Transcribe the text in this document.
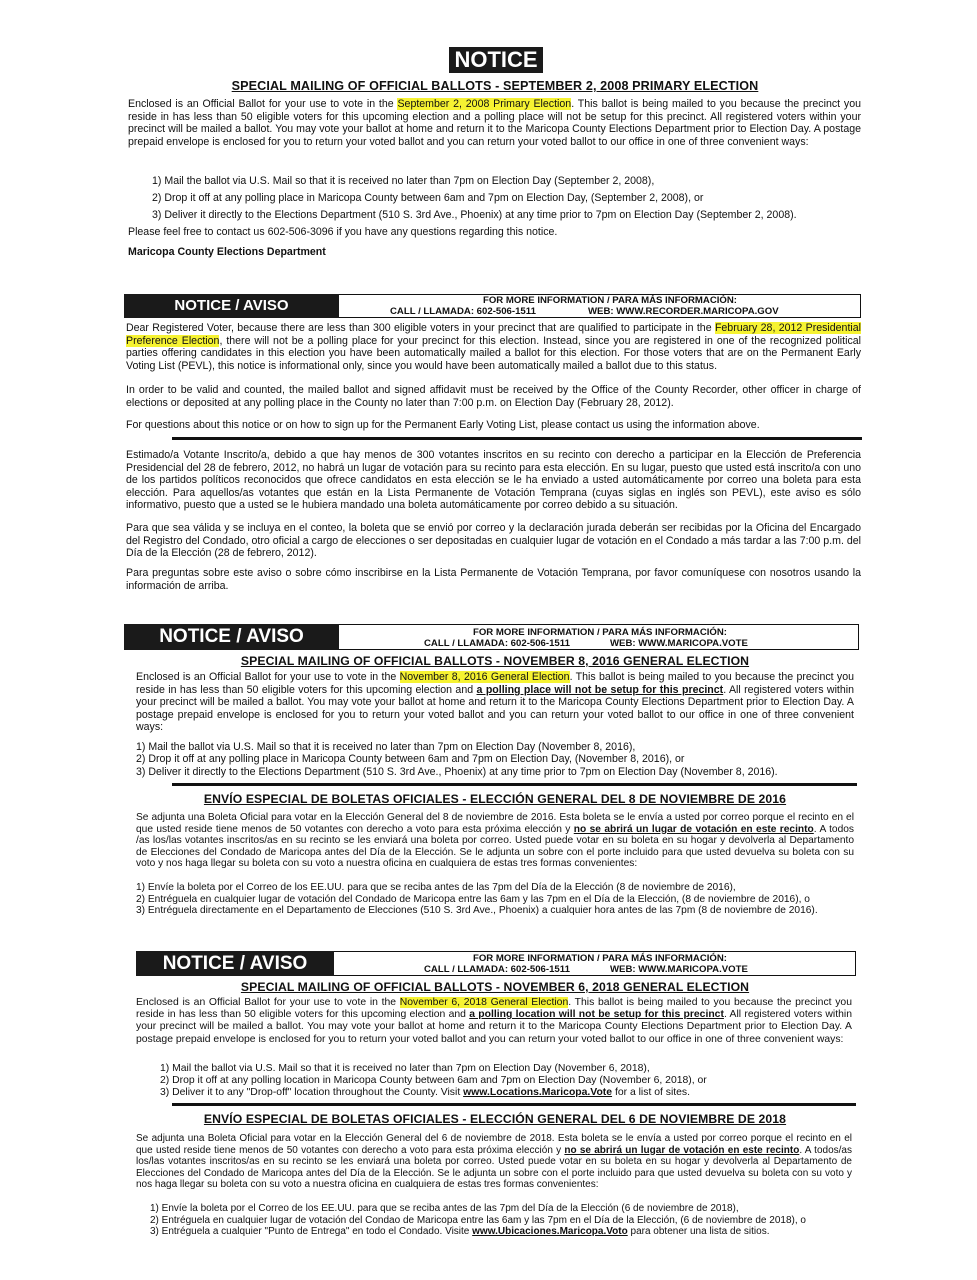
NOTICE
SPECIAL MAILING OF OFFICIAL BALLOTS - SEPTEMBER 2, 2008 PRIMARY ELECTION

Enclosed is an Official Ballot for your use to vote in the September 2, 2008 Primary Election. This ballot is being mailed to you because the precinct you reside in has less than 50 eligible voters for this upcoming election and a polling place will not be setup for this precinct. All registered voters within your precinct will be mailed a ballot. You may vote your ballot at home and return it to the Maricopa County Elections Department prior to Election Day. A postage prepaid envelope is enclosed for you to return your voted ballot and you can return your voted ballot to our office in one of three convenient ways:

1) Mail the ballot via U.S. Mail so that it is received no later than 7pm on Election Day (September 2, 2008),
2) Drop it off at any polling place in Maricopa County between 6am and 7pm on Election Day, (September 2, 2008), or
3) Deliver it directly to the Elections Department (510 S. 3rd Ave., Phoenix) at any time prior to 7pm on Election Day (September 2, 2008).

Please feel free to contact us 602-506-3096 if you have any questions regarding this notice.

Maricopa County Elections Department

NOTICE / AVISO	FOR MORE INFORMATION / PARA MÁS INFORMACIÓN:
CALL / LLAMADA: 602-506-1511	WEB: WWW.RECORDER.MARICOPA.GOV

Dear Registered Voter, because there are less than 300 eligible voters in your precinct that are qualified to participate in the February 28, 2012 Presidential Preference Election, there will not be a polling place for your precinct for this election. Instead, since you are registered in one of the recognized political parties offering candidates in this election you have been automatically mailed a ballot for this election. For those voters that are on the Permanent Early Voting List (PEVL), this notice is informational only, since you would have been automatically mailed a ballot due to this status.

In order to be valid and counted, the mailed ballot and signed affidavit must be received by the Office of the County Recorder, other officer in charge of elections or deposited at any polling place in the County no later than 7:00 p.m. on Election Day (February 28, 2012).

For questions about this notice or on how to sign up for the Permanent Early Voting List, please contact us using the information above.

Estimado/a Votante Inscrito/a, debido a que hay menos de 300 votantes inscritos en su recinto con derecho a participar en la Elección de Preferencia Presidencial del 28 de febrero, 2012, no habrá un lugar de votación para su recinto para esta elección. En su lugar, puesto que usted está inscrito/a con uno de los partidos políticos reconocidos que ofrece candidatos en esta elección se le ha enviado a usted automáticamente por correo una boleta para esta elección. Para aquellos/as votantes que están en la Lista Permanente de Votación Temprana (cuyas siglas en inglés son PEVL), este aviso es sólo informativo, puesto que a usted se le hubiera mandado una boleta automáticamente por correo debido a su situación.

Para que sea válida y se incluya en el conteo, la boleta que se envió por correo y la declaración jurada deberán ser recibidas por la Oficina del Encargado del Registro del Condado, otro oficial a cargo de elecciones o ser depositadas en cualquier lugar de votación en el Condado a más tardar a las 7:00 p.m. del Día de la Elección (28 de febrero, 2012).

Para preguntas sobre este aviso o sobre cómo inscribirse en la Lista Permanente de Votación Temprana, por favor comuníquese con nosotros usando la información de arriba.

NOTICE / AVISO	FOR MORE INFORMATION / PARA MÁS INFORMACIÓN:
CALL / LLAMADA: 602-506-1511	WEB: WWW.MARICOPA.VOTE
SPECIAL MAILING OF OFFICIAL BALLOTS - NOVEMBER 8, 2016 GENERAL ELECTION

Enclosed is an Official Ballot for your use to vote in the November 8, 2016 General Election. This ballot is being mailed to you because the precinct you reside in has less than 50 eligible voters for this upcoming election and a polling place will not be setup for this precinct. All registered voters within your precinct will be mailed a ballot. You may vote your ballot at home and return it to the Maricopa County Elections Department prior to Election Day. A postage prepaid envelope is enclosed for you to return your voted ballot and you can return your voted ballot to our office in one of three convenient ways:

1) Mail the ballot via U.S. Mail so that it is received no later than 7pm on Election Day (November 8, 2016),
2) Drop it off at any polling place in Maricopa County between 6am and 7pm on Election Day, (November 8, 2016), or
3) Deliver it directly to the Elections Department (510 S. 3rd Ave., Phoenix) at any time prior to 7pm on Election Day (November 8, 2016).
ENVÍO ESPECIAL DE BOLETAS OFICIALES - ELECCIÓN GENERAL DEL 8 DE NOVIEMBRE DE 2016

Se adjunta una Boleta Oficial para votar en la Elección General del 8 de noviembre de 2016. Esta boleta se le envía a usted por correo porque el recinto en el que usted reside tiene menos de 50 votantes con derecho a voto para esta próxima elección y no se abrirá un lugar de votación en este recinto. A todos /as los/las votantes inscritos/as en su recinto se les enviará una boleta por correo. Usted puede votar en su boleta en su hogar y devolverla al Departamento de Elecciones del Condado de Maricopa antes del Día de la Elección. Se le adjunta un sobre con el porte incluido para que usted devuelva su boleta con su voto y nos haga llegar su boleta con su voto a nuestra oficina en cualquiera de estas tres formas convenientes:

1) Envíe la boleta por el Correo de los EE.UU. para que se reciba antes de las 7pm del Día de la Elección (8 de noviembre de 2016),
2) Entréguela en cualquier lugar de votación del Condado de Maricopa entre las 6am y las 7pm en el Día de la Elección, (8 de noviembre de 2016), o
3) Entréguela directamente en el Departamento de Elecciones (510 S. 3rd Ave., Phoenix) a cualquier hora antes de las 7pm (8 de noviembre de 2016).
NOTICE / AVISO	FOR MORE INFORMATION / PARA MÁS INFORMACIÓN:
CALL / LLAMADA: 602-506-1511	WEB: WWW.MARICOPA.VOTE
SPECIAL MAILING OF OFFICIAL BALLOTS - NOVEMBER 6, 2018 GENERAL ELECTION

Enclosed is an Official Ballot for your use to vote in the November 6, 2018 General Election. This ballot is being mailed to you because the precinct you reside in has less than 50 eligible voters for this upcoming election and a polling location will not be setup for this precinct. All registered voters within your precinct will be mailed a ballot. You may vote your ballot at home and return it to the Maricopa County Elections Department prior to Election Day. A postage prepaid envelope is enclosed for you to return your voted ballot and you can return your voted ballot to our office in one of three convenient ways:

1) Mail the ballot via U.S. Mail so that it is received no later than 7pm on Election Day (November 6, 2018),
2) Drop it off at any polling location in Maricopa County between 6am and 7pm on Election Day (November 6, 2018), or
3) Deliver it to any "Drop-off" location throughout the County. Visit www.Locations.Maricopa.Vote for a list of sites.
ENVÍO ESPECIAL DE BOLETAS OFICIALES - ELECCIÓN GENERAL DEL 6 DE NOVIEMBRE DE 2018

Se adjunta una Boleta Oficial para votar en la Elección General del 6 de noviembre de 2018. Esta boleta se le envía a usted por correo porque el recinto en el que usted reside tiene menos de 50 votantes con derecho a voto para esta próxima elección y no se abrirá un lugar de votación en este recinto. A todos/as los/las votantes inscritos/as en su recinto se les enviará una boleta por correo. Usted puede votar en su boleta en su hogar y devolverla al Departamento de Elecciones del Condado de Maricopa antes del Día de la Elección. Se le adjunta un sobre con el porte incluido para que usted devuelva su boleta con su voto y nos haga llegar su boleta con su voto a nuestra oficina en cualquiera de estas tres formas convenientes:

1) Envíe la boleta por el Correo de los EE.UU. para que se reciba antes de las 7pm del Día de la Elección (6 de noviembre de 2018),
2) Entréguela en cualquier lugar de votación del Condao de Maricopa entre las 6am y las 7pm en el Día de la Elección, (6 de noviembre de 2018), o
3) Entréguela a cualquier "Punto de Entrega" en todo el Condado. Visite www.Ubicaciones.Maricopa.Voto para obtener una lista de sitios.
